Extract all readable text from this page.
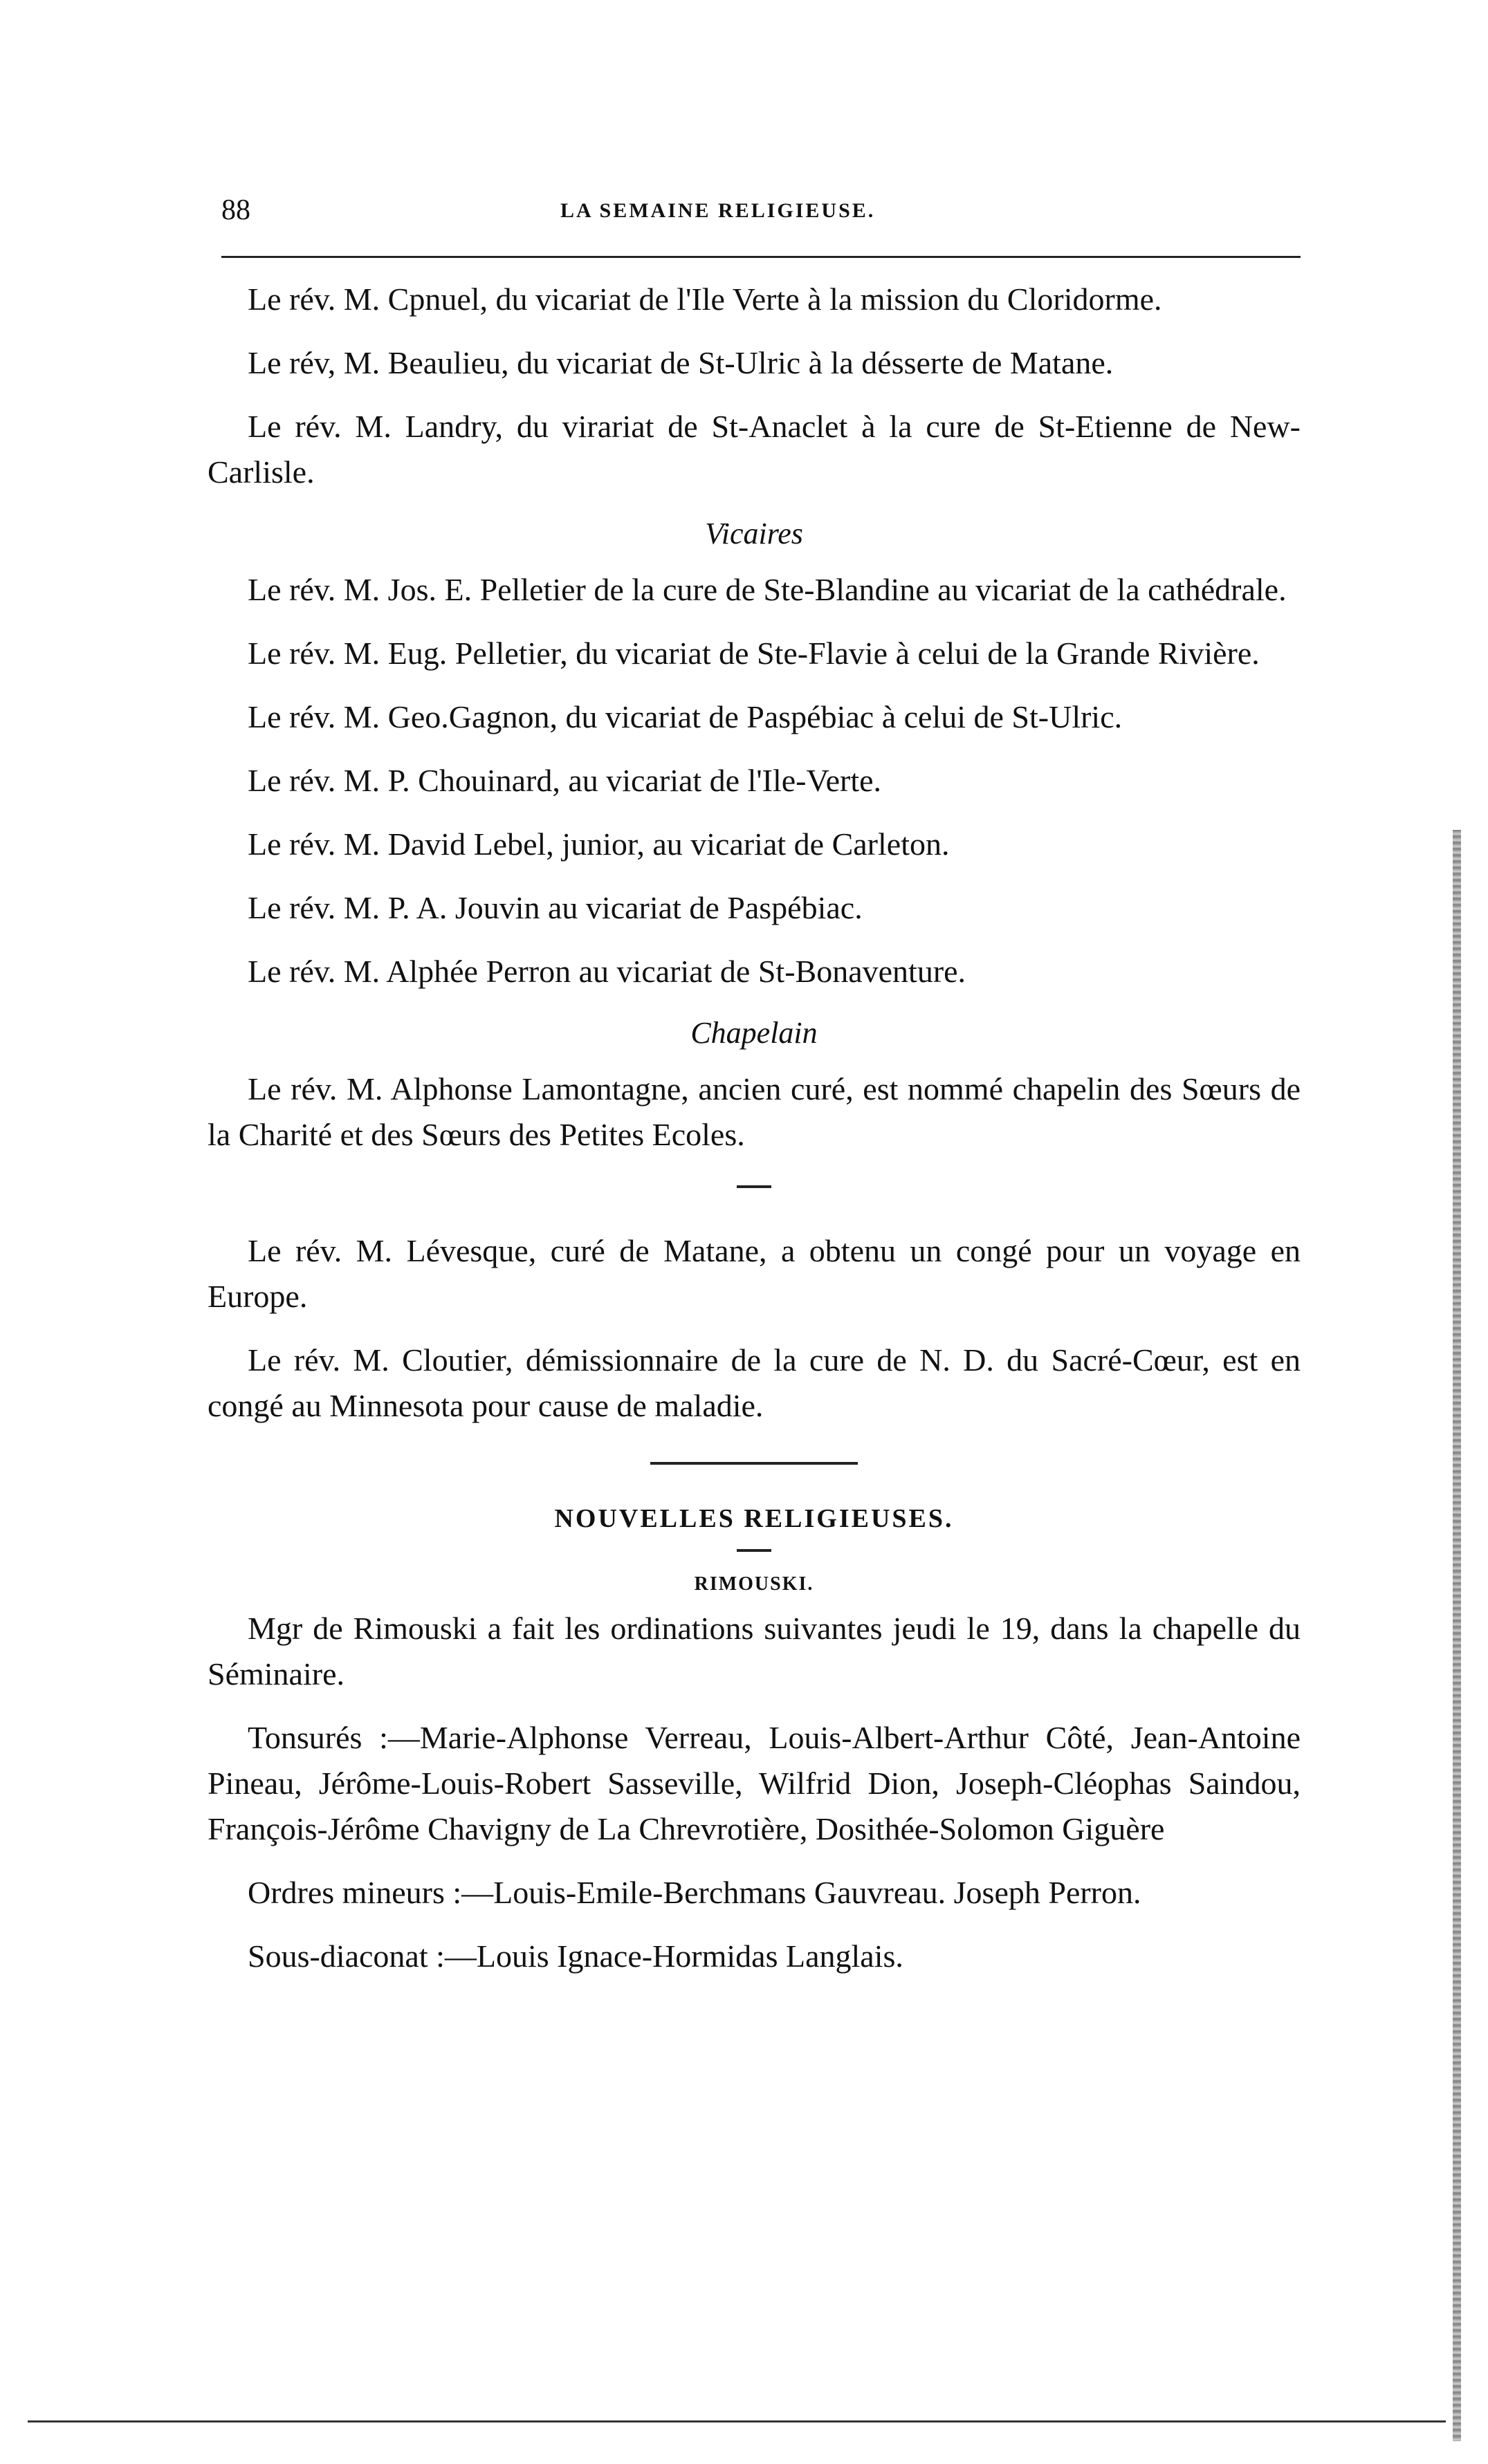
88	LA SEMAINE RELIGIEUSE.

Le rév. M. Cpnuel, du vicariat de l'Ile Verte à la mission du Cloridorme.

Le rév, M. Beaulieu, du vicariat de St-Ulric à la désserte de Matane.

Le rév. M. Landry, du virariat de St-Anaclet à la cure de St-Etienne de New-Carlisle.

Vicaires

Le rév. M. Jos. E. Pelletier de la cure de Ste-Blandine au vicariat de la cathédrale.

Le rév. M. Eug. Pelletier, du vicariat de Ste-Flavie à celui de la Grande Rivière.

Le rév. M. Geo.Gagnon, du vicariat de Paspébiac à celui de St-Ulric.

Le rév. M. P. Chouinard, au vicariat de l'Ile-Verte.

Le rév. M. David Lebel, junior, au vicariat de Carleton.

Le rév. M. P. A. Jouvin au vicariat de Paspébiac.

Le rév. M. Alphée Perron au vicariat de St-Bonaventure.

Chapelain

Le rév. M. Alphonse Lamontagne, ancien curé, est nommé chapelin des Sœurs de la Charité et des Sœurs des Petites Ecoles.

Le rév. M. Lévesque, curé de Matane, a obtenu un congé pour un voyage en Europe.

Le rév. M. Cloutier, démissionnaire de la cure de N. D. du Sacré-Cœur, est en congé au Minnesota pour cause de maladie.

NOUVELLES RELIGIEUSES.
RIMOUSKI.

Mgr de Rimouski a fait les ordinations suivantes jeudi le 19, dans la chapelle du Séminaire.

Tonsurés :—Marie-Alphonse Verreau, Louis-Albert-Arthur Côté, Jean-Antoine Pineau, Jérôme-Louis-Robert Sasseville, Wilfrid Dion, Joseph-Cléophas Saindou, François-Jérôme Chavigny de La Chrevrotière, Dosithée-Solomon Giguère

Ordres mineurs :—Louis-Emile-Berchmans Gauvreau. Joseph Perron.

Sous-diaconat :—Louis Ignace-Hormidas Langlais.
